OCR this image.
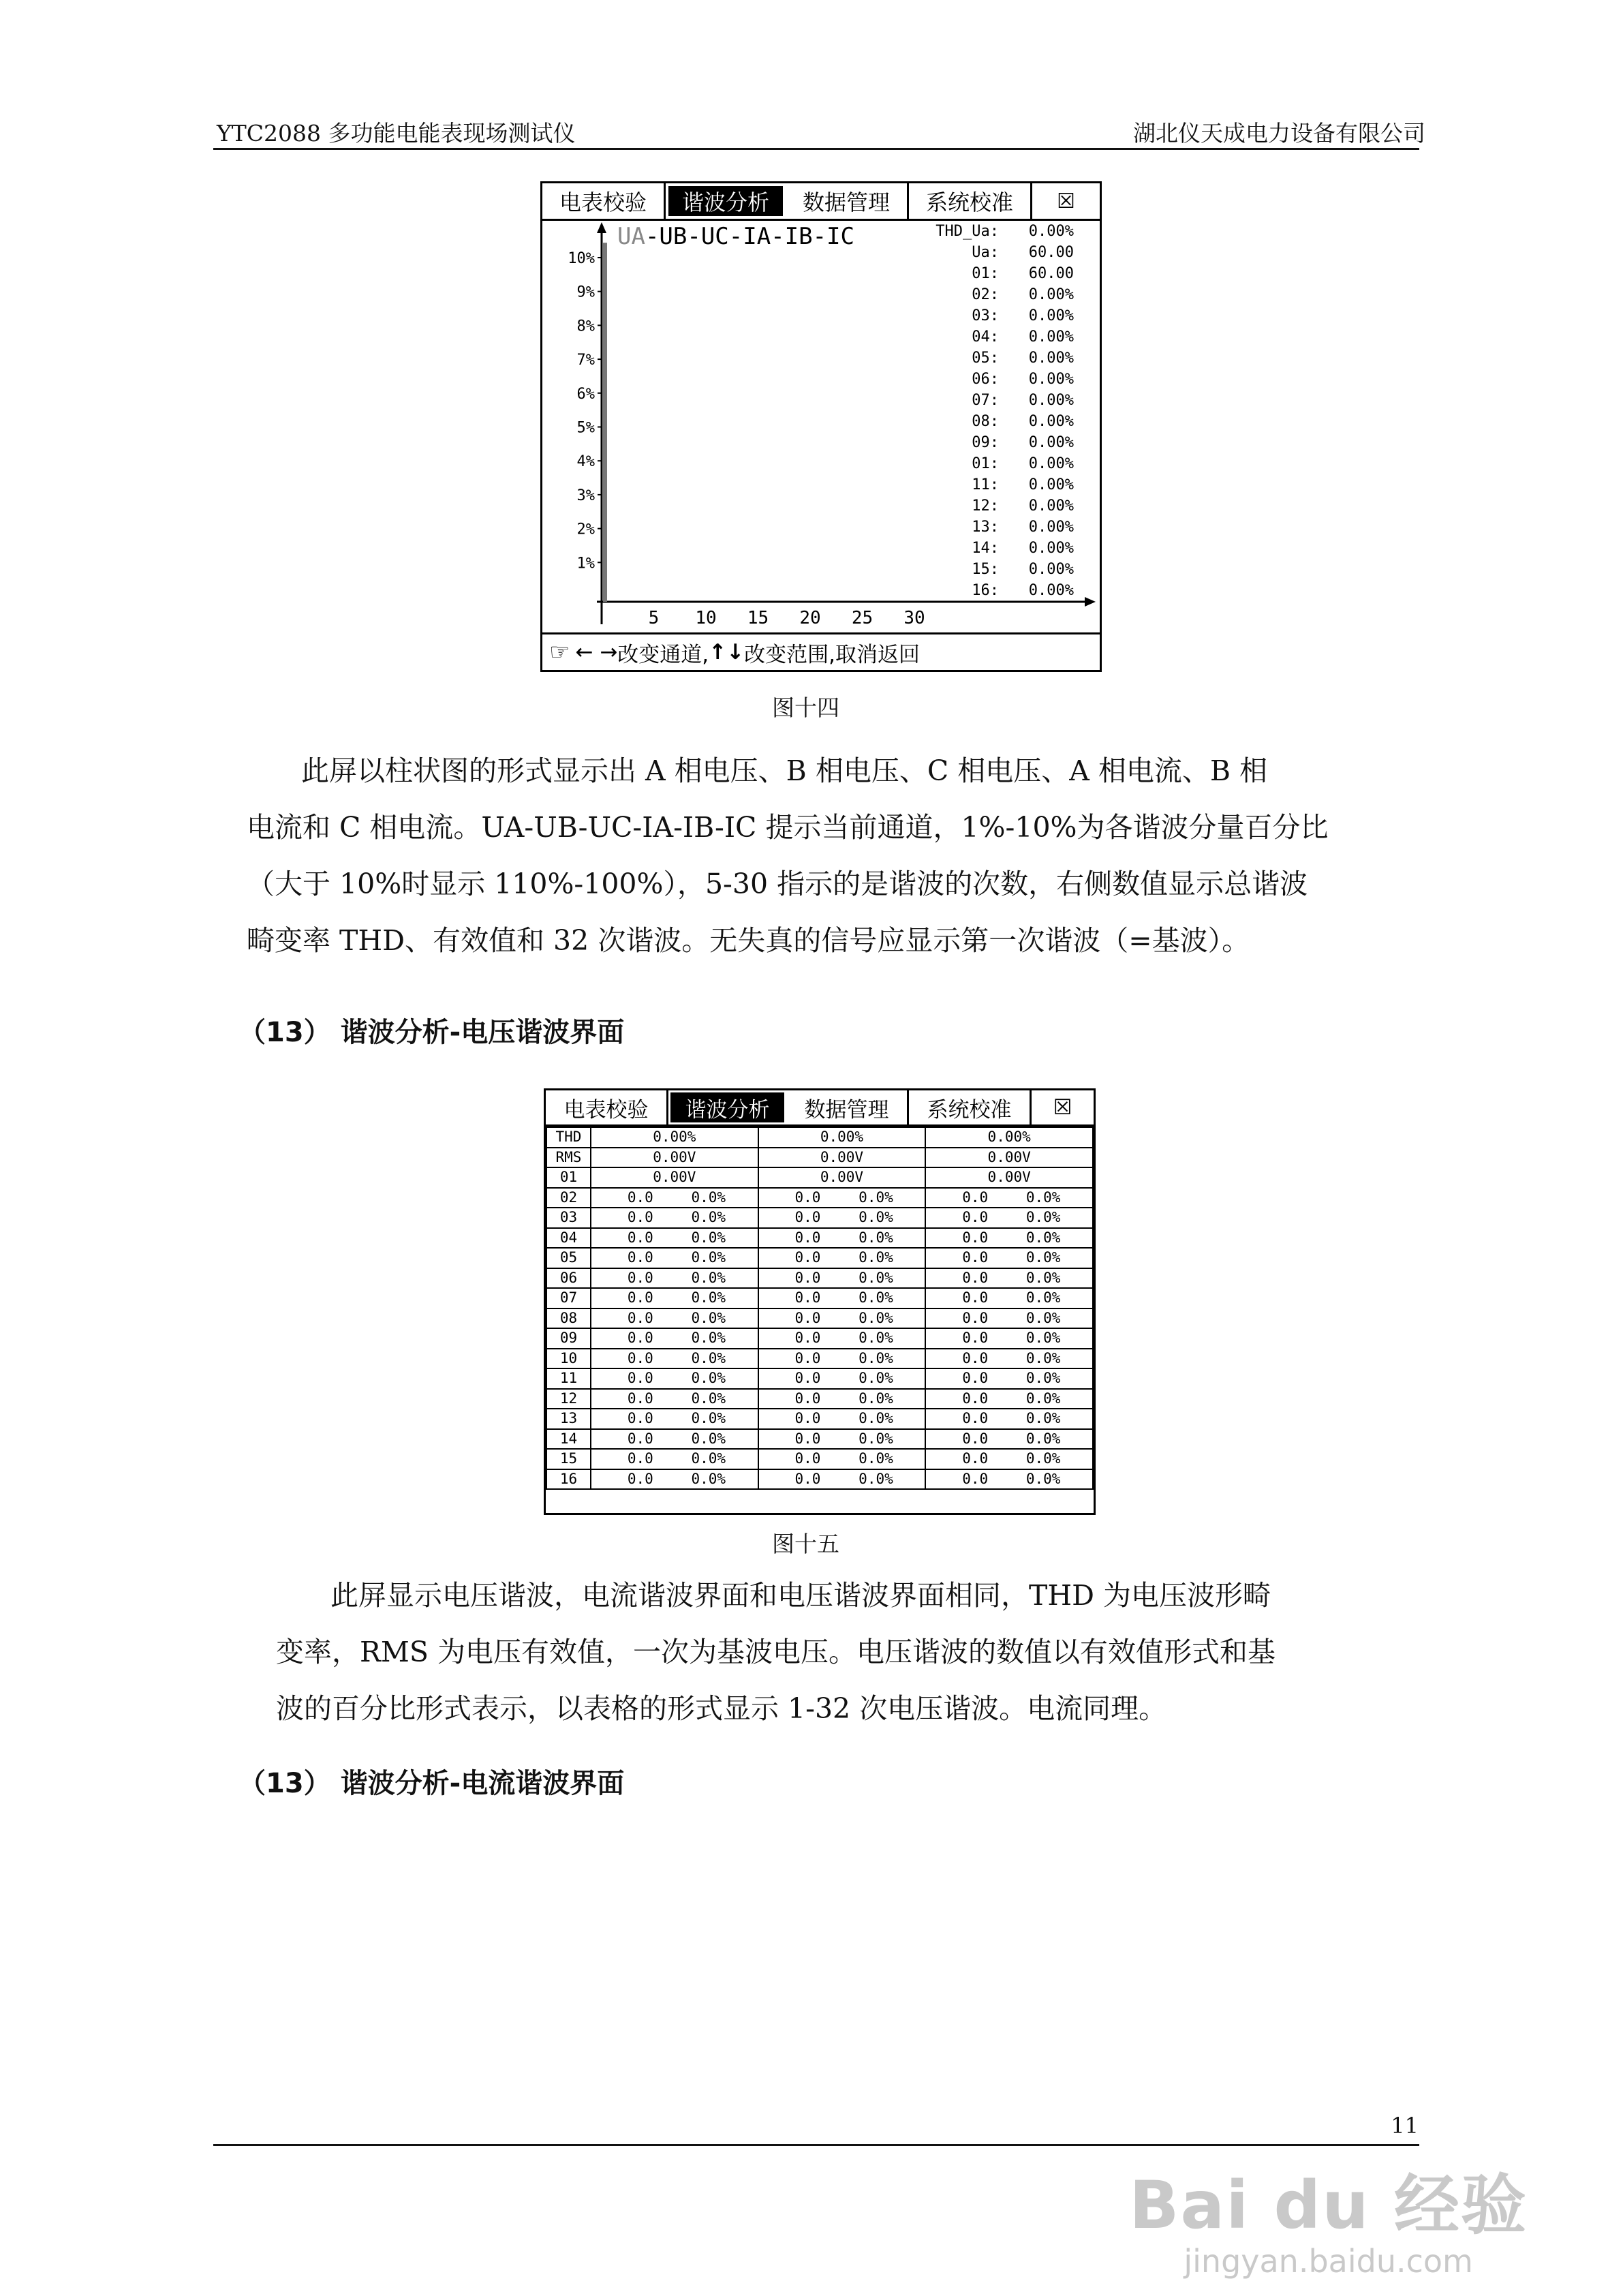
YTC2088 多功能电能表现场测试仪	湖北仪天成电力设备有限公司
电表校验	谐波分析	数据管理	系统校准	☒
UA-UB-UC-IA-IB-IC
10%
9%
8%
7%
6%
5%
4%
3%
2%
1%
5 10 15 20 25 30
THD_Ua: 0.00%
Ua: 60.00
01: 60.00
02: 0.00%
03: 0.00%
04: 0.00%
05: 0.00%
06: 0.00%
07: 0.00%
08: 0.00%
09: 0.00%
01: 0.00%
11: 0.00%
12: 0.00%
13: 0.00%
14: 0.00%
15: 0.00%
16: 0.00%
☞ ← → 改变通道, ↑↓ 改变范围,取消返回
图十四

此屏以柱状图的形式显示出 A 相电压、B 相电压、C 相电压、A 相电流、B 相

电流和 C 相电流。UA-UB-UC-IA-IB-IC 提示当前通道，1%-10%为各谐波分量百分比

（大于 10%时显示 110%-100%），5-30 指示的是谐波的次数，右侧数值显示总谐波

畸变率 THD、有效值和 32 次谐波。无失真的信号应显示第一次谐波（=基波）。

（13） 谐波分析-电压谐波界面
电表校验	谐波分析	数据管理	系统校准	☒
THD	0.00%	0.00%	0.00%
RMS	0.00V	0.00V	0.00V
01	0.00V	0.00V	0.00V
02	0.0 0.0%	0.0 0.0%	0.0 0.0%
03	0.0 0.0%	0.0 0.0%	0.0 0.0%
04	0.0 0.0%	0.0 0.0%	0.0 0.0%
05	0.0 0.0%	0.0 0.0%	0.0 0.0%
06	0.0 0.0%	0.0 0.0%	0.0 0.0%
07	0.0 0.0%	0.0 0.0%	0.0 0.0%
08	0.0 0.0%	0.0 0.0%	0.0 0.0%
09	0.0 0.0%	0.0 0.0%	0.0 0.0%
10	0.0 0.0%	0.0 0.0%	0.0 0.0%
11	0.0 0.0%	0.0 0.0%	0.0 0.0%
12	0.0 0.0%	0.0 0.0%	0.0 0.0%
13	0.0 0.0%	0.0 0.0%	0.0 0.0%
14	0.0 0.0%	0.0 0.0%	0.0 0.0%
15	0.0 0.0%	0.0 0.0%	0.0 0.0%
16	0.0 0.0%	0.0 0.0%	0.0 0.0%
图十五

此屏显示电压谐波，电流谐波界面和电压谐波界面相同，THD 为电压波形畸

变率，RMS 为电压有效值，一次为基波电压。电压谐波的数值以有效值形式和基

波的百分比形式表示，以表格的形式显示 1-32 次电压谐波。电流同理。

（13） 谐波分析-电流谐波界面
11
Bai du 经验
jingyan.baidu.com
